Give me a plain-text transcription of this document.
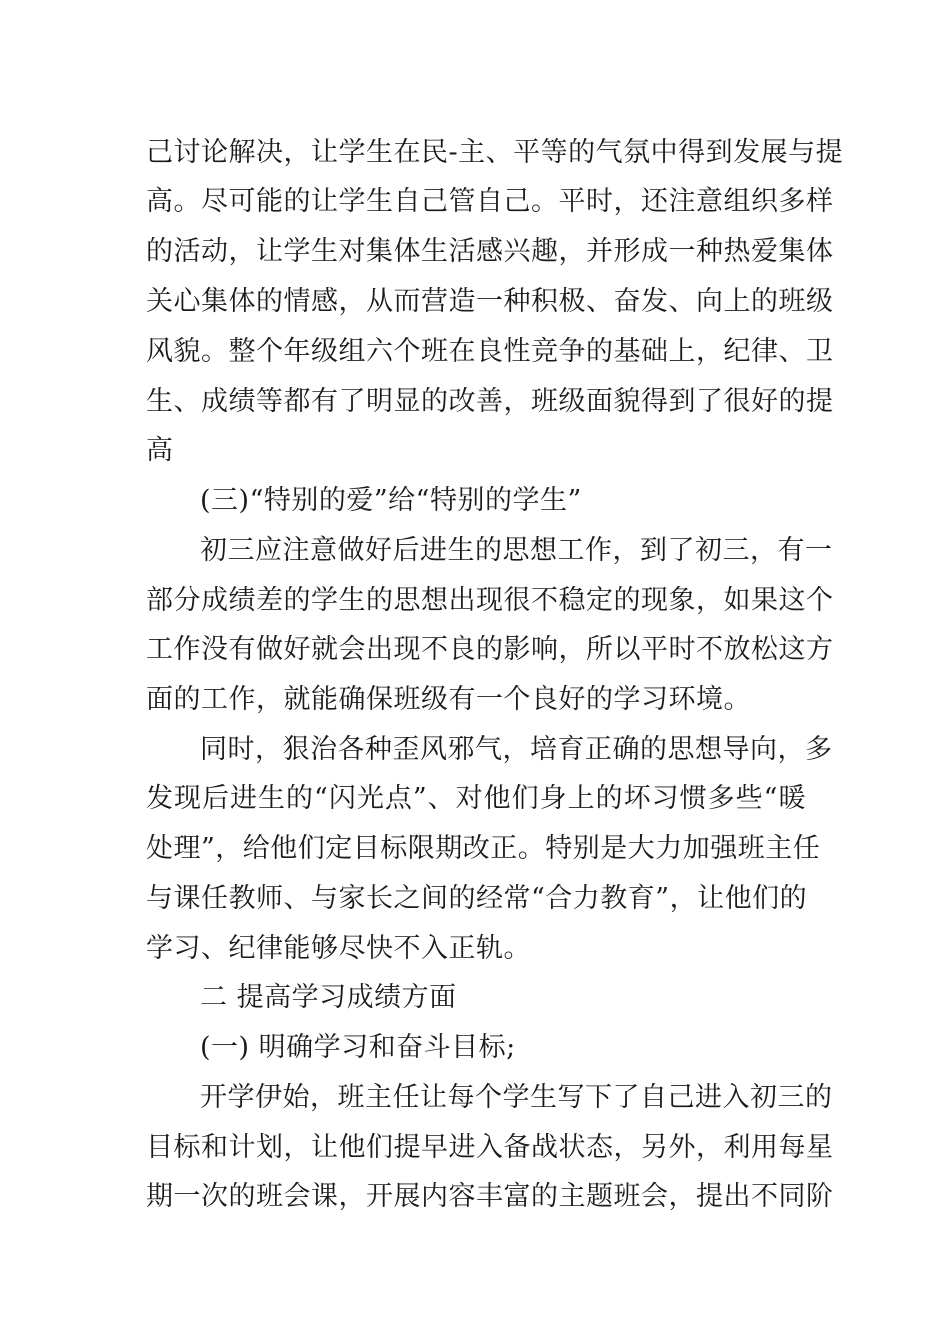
己讨论解决，让学生在民-主、平等的气氛中得到发展与提
高。尽可能的让学生自己管自己。平时，还注意组织多样
的活动，让学生对集体生活感兴趣，并形成一种热爱集体
关心集体的情感，从而营造一种积极、奋发、向上的班级
风貌。整个年级组六个班在良性竞争的基础上，纪律、卫
生、成绩等都有了明显的改善，班级面貌得到了很好的提
高
(三)“特别的爱”给“特别的学生”
初三应注意做好后进生的思想工作，到了初三，有一
部分成绩差的学生的思想出现很不稳定的现象，如果这个
工作没有做好就会出现不良的影响，所以平时不放松这方
面的工作，就能确保班级有一个良好的学习环境。
同时，狠治各种歪风邪气，培育正确的思想导向，多
发现后进生的“闪光点”、对他们身上的坏习惯多些“暖
处理”，给他们定目标限期改正。特别是大力加强班主任
与课任教师、与家长之间的经常“合力教育”，让他们的
学习、纪律能够尽快不入正轨。
二 提高学习成绩方面
(一) 明确学习和奋斗目标;
开学伊始，班主任让每个学生写下了自己进入初三的
目标和计划，让他们提早进入备战状态，另外，利用每星
期一次的班会课，开展内容丰富的主题班会，提出不同阶
